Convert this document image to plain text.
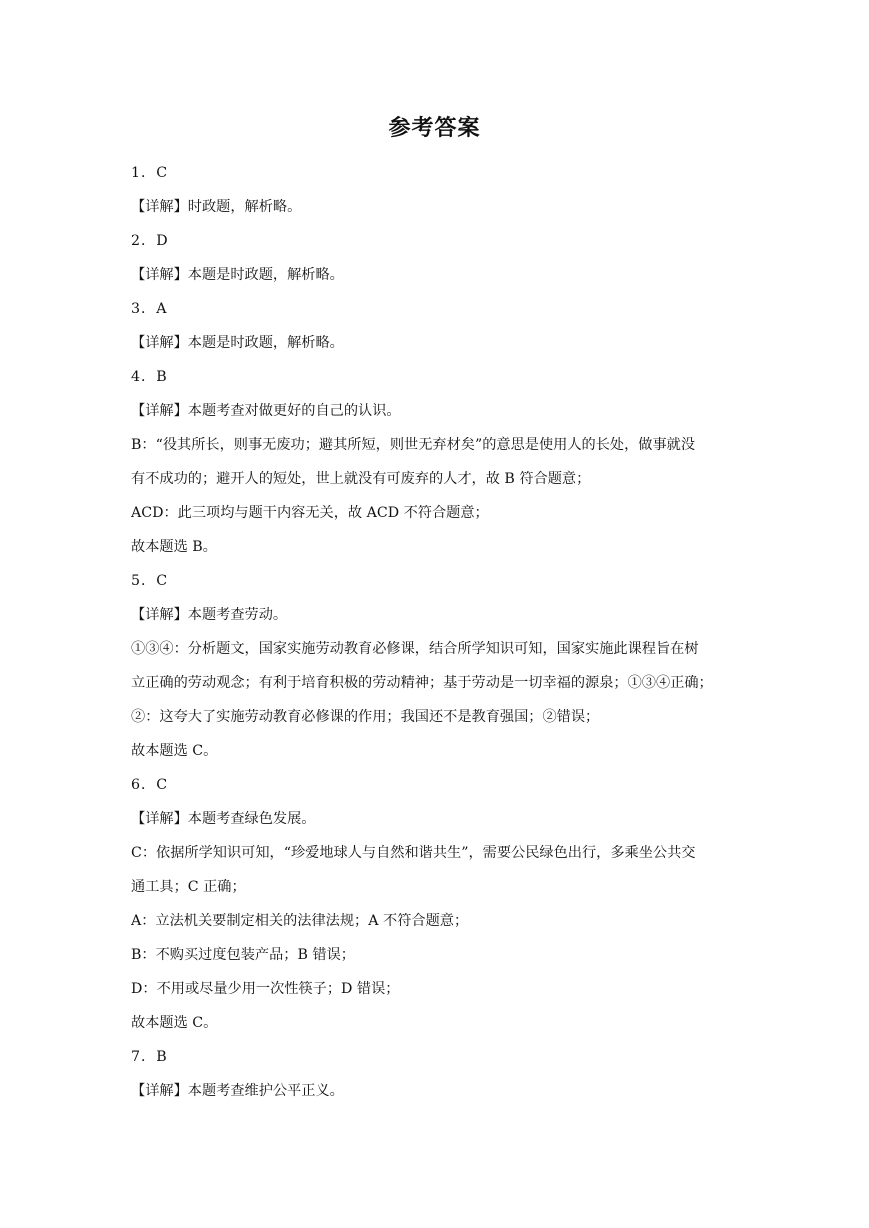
参考答案
1．C
【详解】时政题，解析略。
2．D
【详解】本题是时政题，解析略。
3．A
【详解】本题是时政题，解析略。
4．B
【详解】本题考查对做更好的自己的认识。
B：“役其所长，则事无废功；避其所短，则世无弃材矣”的意思是使用人的长处，做事就没
有不成功的；避开人的短处，世上就没有可废弃的人才，故 B 符合题意；
ACD：此三项均与题干内容无关，故 ACD 不符合题意；
故本题选 B。
5．C
【详解】本题考查劳动。
①③④：分析题文，国家实施劳动教育必修课，结合所学知识可知，国家实施此课程旨在树
立正确的劳动观念；有利于培育积极的劳动精神；基于劳动是一切幸福的源泉；①③④正确；
②：这夸大了实施劳动教育必修课的作用；我国还不是教育强国；②错误；
故本题选 C。
6．C
【详解】本题考查绿色发展。
C：依据所学知识可知，“珍爱地球人与自然和谐共生”，需要公民绿色出行，多乘坐公共交
通工具；C 正确；
A：立法机关要制定相关的法律法规；A 不符合题意；
B：不购买过度包装产品；B 错误；
D：不用或尽量少用一次性筷子；D 错误；
故本题选 C。
7．B
【详解】本题考查维护公平正义。
